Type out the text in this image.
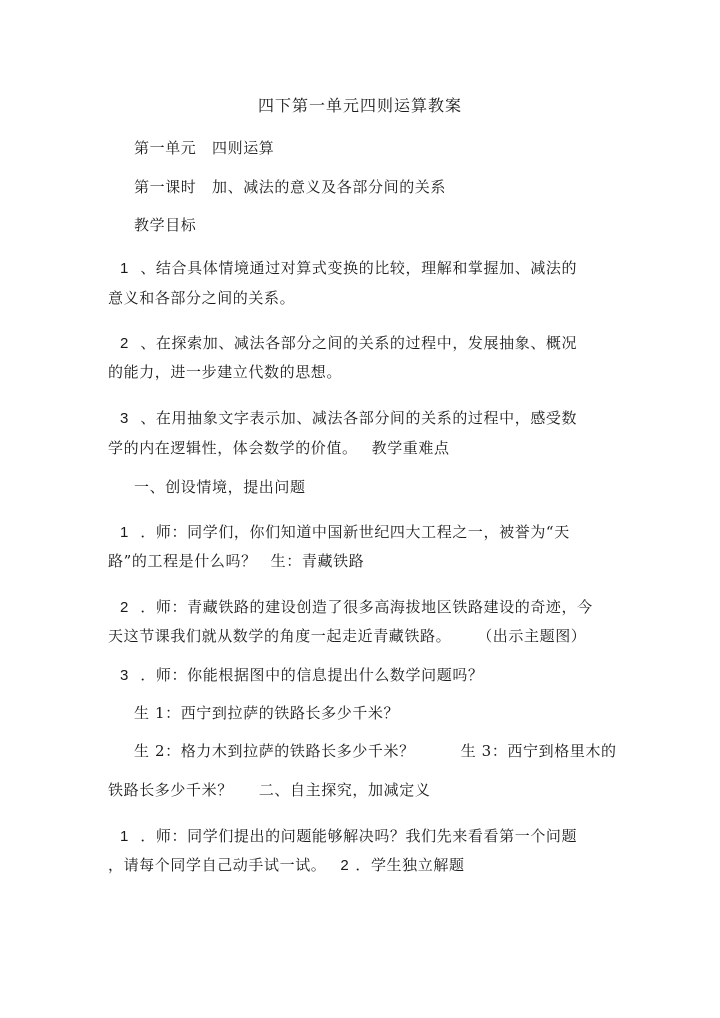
四下第一单元四则运算教案
第一单元　四则运算
第一课时　加、减法的意义及各部分间的关系
教学目标
1 、结合具体情境通过对算式变换的比较，理解和掌握加、减法的
意义和各部分之间的关系。
2 、在探索加、减法各部分之间的关系的过程中，发展抽象、概况
的能力，进一步建立代数的思想。
3 、在用抽象文字表示加、减法各部分间的关系的过程中，感受数
学的内在逻辑性，体会数学的价值。 教学重难点
一、创设情境，提出问题
1 ．师：同学们，你们知道中国新世纪四大工程之一，被誉为“天
路”的工程是什么吗？ 生：青藏铁路
2 ．师：青藏铁路的建设创造了很多高海拔地区铁路建设的奇迹，今
天这节课我们就从数学的角度一起走近青藏铁路。 （出示主题图）
3 ．师：你能根据图中的信息提出什么数学问题吗？
生 1：西宁到拉萨的铁路长多少千米？
生 2：格力木到拉萨的铁路长多少千米？	生 3：西宁到格里木的
铁路长多少千米？ 二、自主探究，加减定义
1 ．师：同学们提出的问题能够解决吗？我们先来看看第一个问题
，请每个同学自己动手试一试。 2 ．学生独立解题
